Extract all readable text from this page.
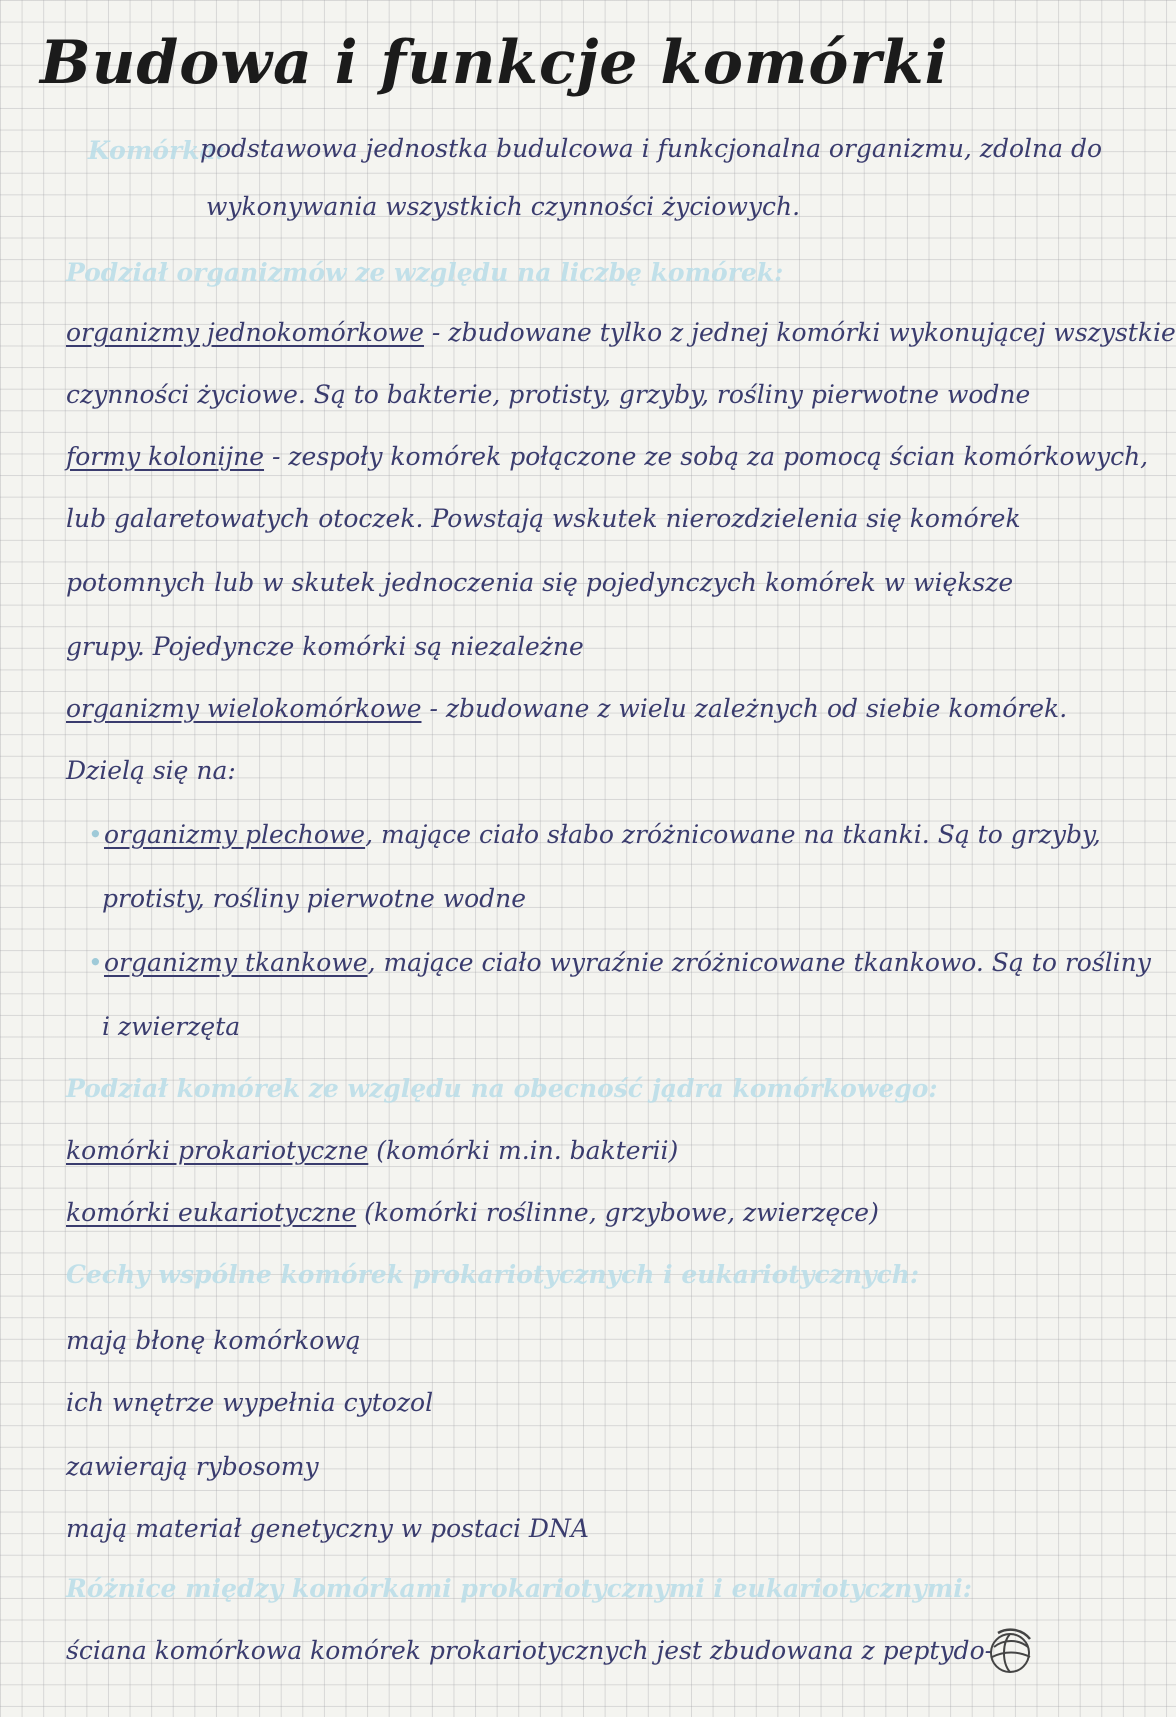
Budowa i funkcje komórki
Komórka:
podstawowa jednostka budulcowa i funkcjonalna organizmu, zdolna do
wykonywania wszystkich czynności życiowych.
Podział organizmów ze względu na liczbę komórek:
organizmy jednokomórkowe - zbudowane tylko z jednej komórki wykonującej wszystkie
czynności życiowe. Są to bakterie, protisty, grzyby, rośliny pierwotne wodne
formy kolonijne - zespoły komórek połączone ze sobą za pomocą ścian komórkowych,
lub galaretowatych otoczek. Powstają wskutek nierozdzielenia się komórek
potomnych lub w skutek jednoczenia się pojedynczych komórek w większe
grupy. Pojedyncze komórki są niezależne
organizmy wielokomórkowe - zbudowane z wielu zależnych od siebie komórek.
Dzielą się na:
•organizmy plechowe, mające ciało słabo zróżnicowane na tkanki. Są to grzyby,
protisty, rośliny pierwotne wodne
•organizmy tkankowe, mające ciało wyraźnie zróżnicowane tkankowo. Są to rośliny
i zwierzęta
Podział komórek ze względu na obecność jądra komórkowego:
komórki prokariotyczne (komórki m.in. bakterii)
komórki eukariotyczne (komórki roślinne, grzybowe, zwierzęce)
Cechy wspólne komórek prokariotycznych i eukariotycznych:
mają błonę komórkową
ich wnętrze wypełnia cytozol
zawierają rybosomy
mają materiał genetyczny w postaci DNA
Różnice między komórkami prokariotycznymi i eukariotycznymi:
ściana komórkowa komórek prokariotycznych jest zbudowana z peptydo-
